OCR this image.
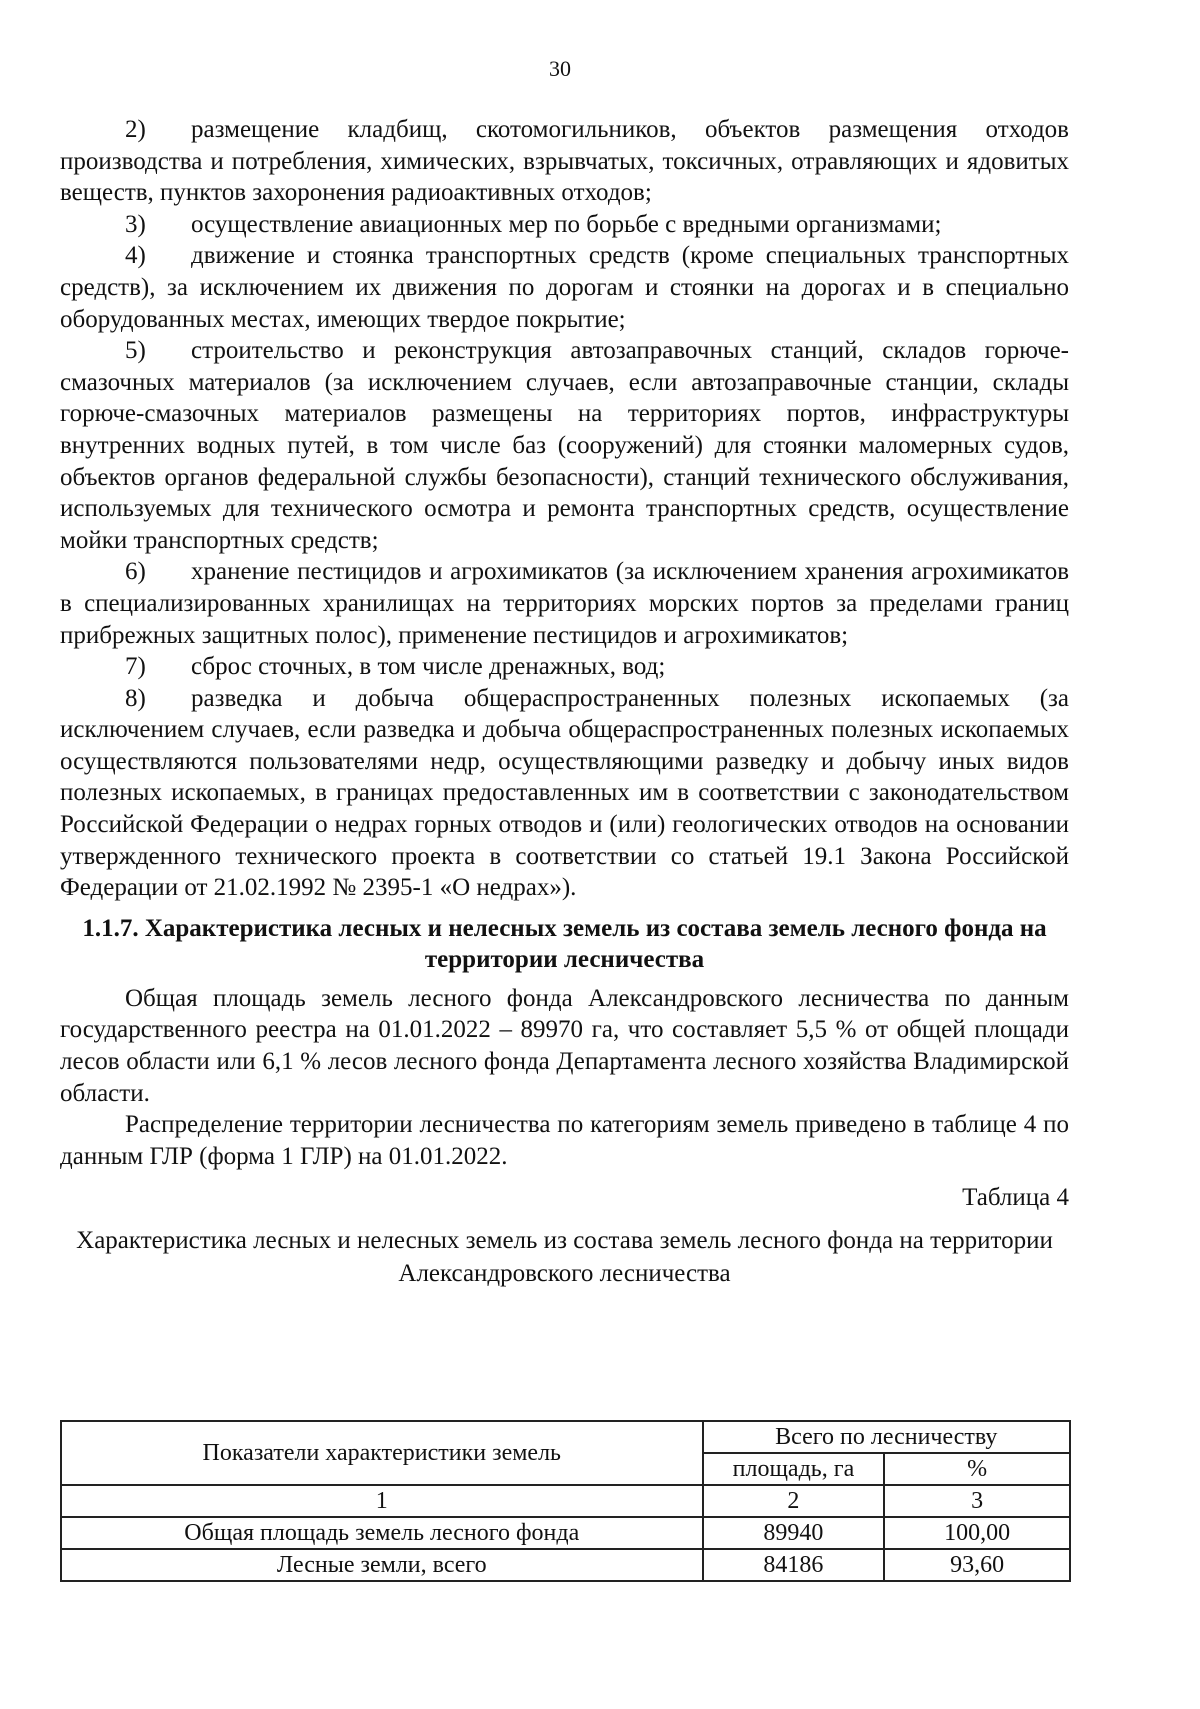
30

2) размещение кладбищ, скотомогильников, объектов размещения отходов производства и потребления, химических, взрывчатых, токсичных, отравляющих и ядовитых веществ, пунктов захоронения радиоактивных отходов;

3) осуществление авиационных мер по борьбе с вредными организмами;

4) движение и стоянка транспортных средств (кроме специальных транспортных средств), за исключением их движения по дорогам и стоянки на дорогах и в специально оборудованных местах, имеющих твердое покрытие;

5) строительство и реконструкция автозаправочных станций, складов горюче-смазочных материалов (за исключением случаев, если автозаправочные станции, склады горюче-смазочных материалов размещены на территориях портов, инфраструктуры внутренних водных путей, в том числе баз (сооружений) для стоянки маломерных судов, объектов органов федеральной службы безопасности), станций технического обслуживания, используемых для технического осмотра и ремонта транспортных средств, осуществление мойки транспортных средств;

6) хранение пестицидов и агрохимикатов (за исключением хранения агрохимикатов в специализированных хранилищах на территориях морских портов за пределами границ прибрежных защитных полос), применение пестицидов и агрохимикатов;

7) сброс сточных, в том числе дренажных, вод;

8) разведка и добыча общераспространенных полезных ископаемых (за исключением случаев, если разведка и добыча общераспространенных полезных ископаемых осуществляются пользователями недр, осуществляющими разведку и добычу иных видов полезных ископаемых, в границах предоставленных им в соответствии с законодательством Российской Федерации о недрах горных отводов и (или) геологических отводов на основании утвержденного технического проекта в соответствии со статьей 19.1 Закона Российской Федерации от 21.02.1992 № 2395-1 «О недрах»).

1.1.7. Характеристика лесных и нелесных земель из состава земель лесного фонда на территории лесничества

Общая площадь земель лесного фонда Александровского лесничества по данным государственного реестра на 01.01.2022 – 89970 га, что составляет 5,5 % от общей площади лесов области или 6,1 % лесов лесного фонда Департамента лесного хозяйства Владимирской области.

Распределение территории лесничества по категориям земель приведено в таблице 4 по данным ГЛР (форма 1 ГЛР) на 01.01.2022.

Таблица 4

Характеристика лесных и нелесных земель из состава земель лесного фонда на территории Александровского лесничества

Показатели характеристики земель	Всего по лесничеству	
	площадь, га	%
1	2	3
Общая площадь земель лесного фонда	89940	100,00
Лесные земли, всего	84186	93,60
